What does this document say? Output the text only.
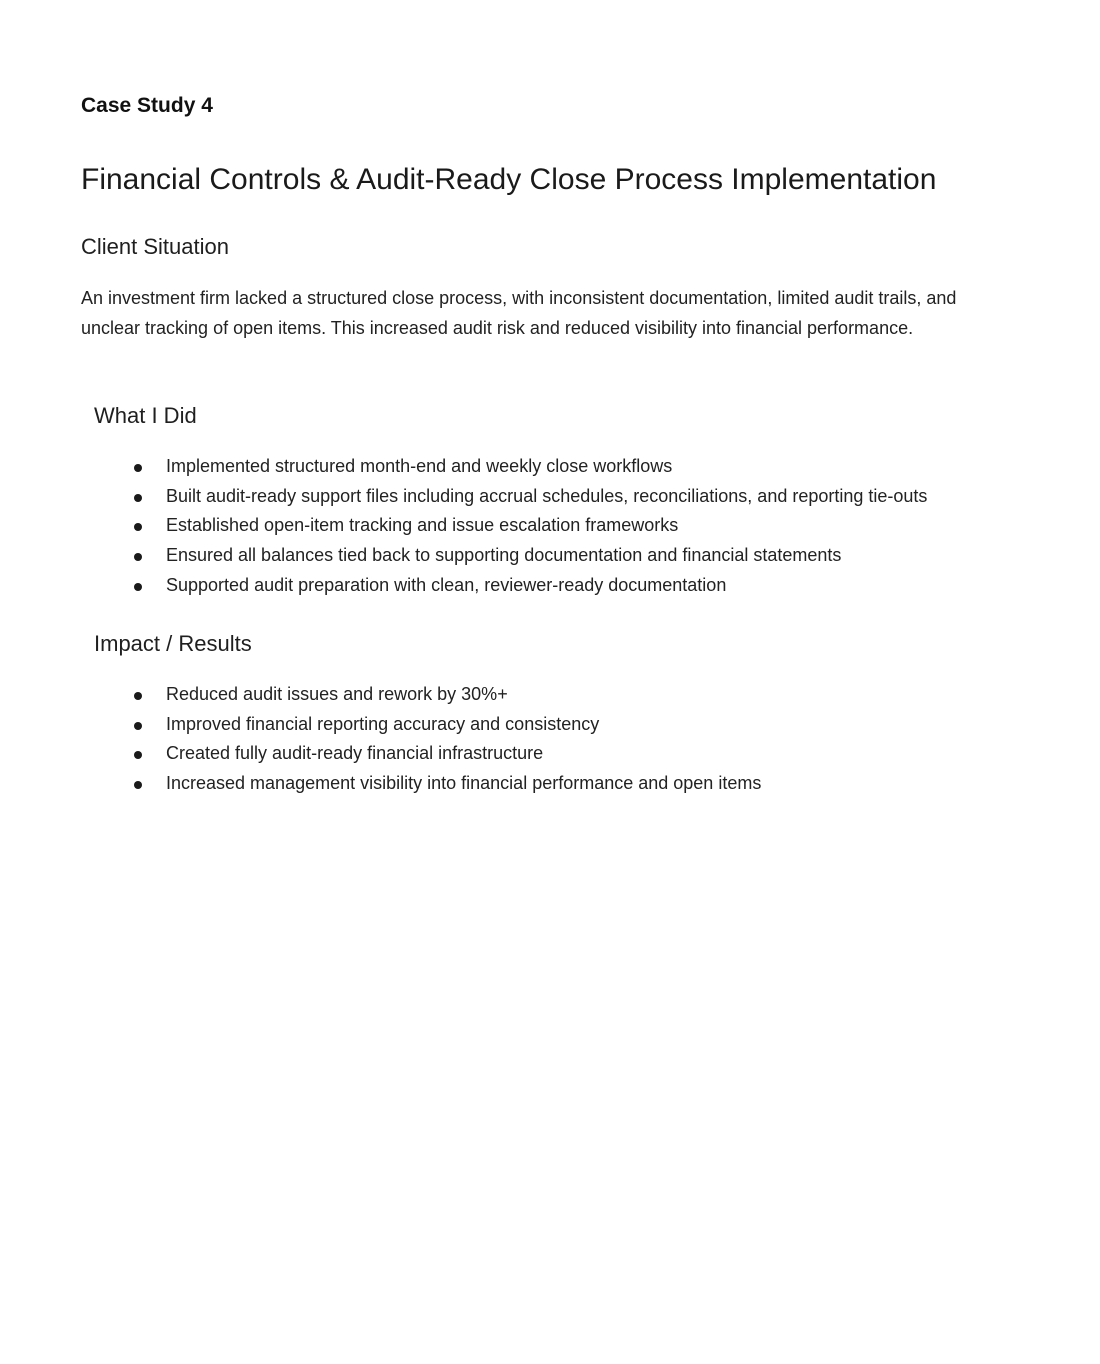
Case Study 4
Financial Controls & Audit-Ready Close Process Implementation
Client Situation

An investment firm lacked a structured close process, with inconsistent documentation, limited audit trails, and unclear tracking of open items. This increased audit risk and reduced visibility into financial performance.

What I Did
Implemented structured month-end and weekly close workflows
Built audit-ready support files including accrual schedules, reconciliations, and reporting tie-outs
Established open-item tracking and issue escalation frameworks
Ensured all balances tied back to supporting documentation and financial statements
Supported audit preparation with clean, reviewer-ready documentation
Impact / Results
Reduced audit issues and rework by 30%+
Improved financial reporting accuracy and consistency
Created fully audit-ready financial infrastructure
Increased management visibility into financial performance and open items
